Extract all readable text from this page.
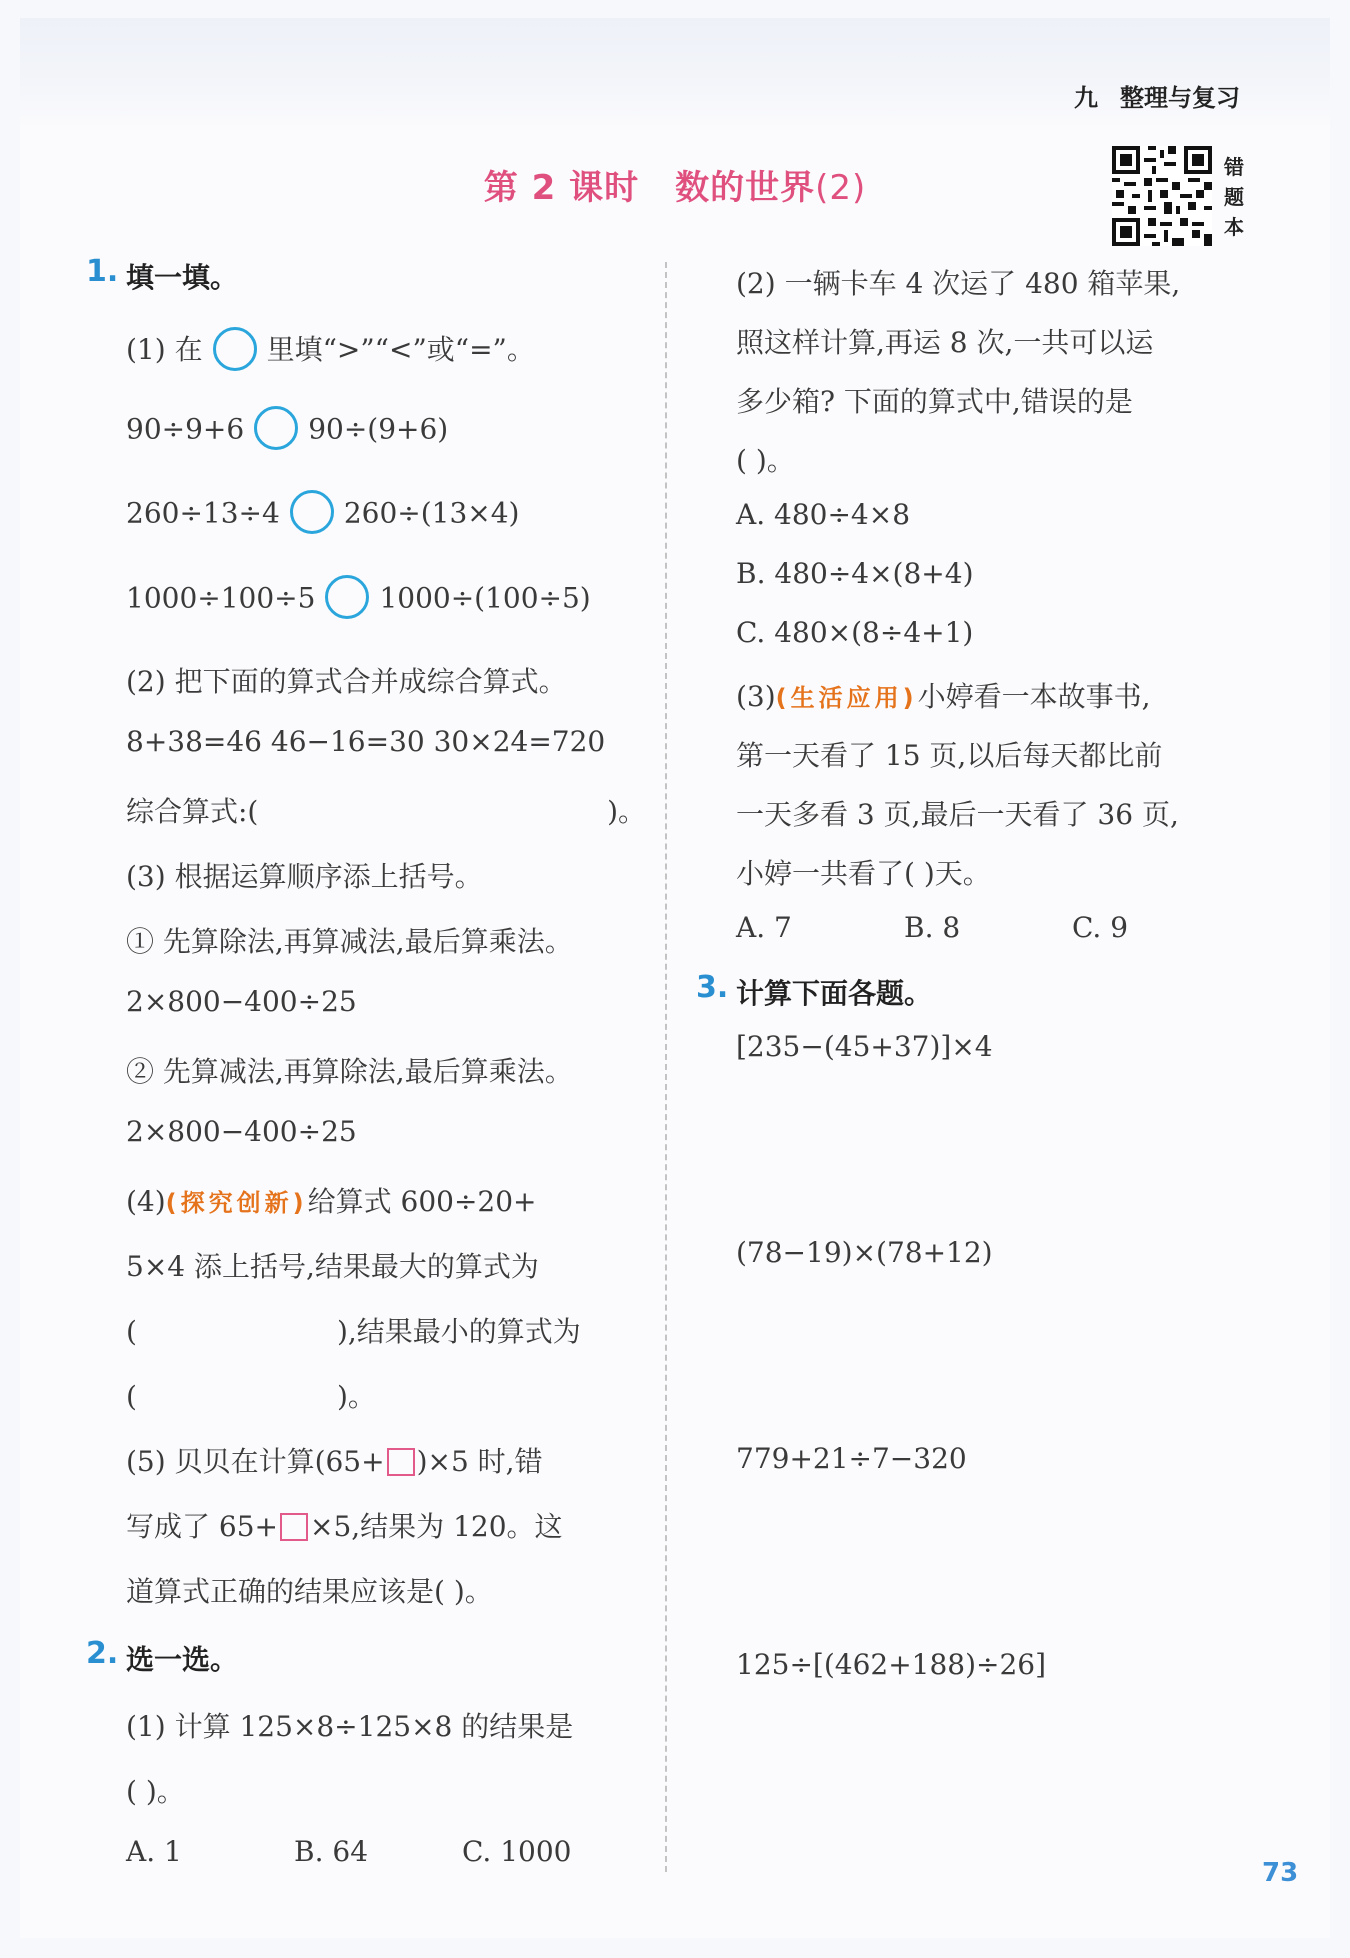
九 整理与复习
第 2 课时 数的世界(2)
错
题
本
1. 填一填。
(1) 在 里填“>”“<”或“=”。
90÷9+6 90÷(9+6)
260÷13÷4 260÷(13×4)
1000÷100÷5 1000÷(100÷5)
(2) 把下面的算式合并成综合算式。
8+38=46 46−16=30 30×24=720
综合算式:(	)。
(3) 根据运算顺序添上括号。
① 先算除法,再算减法,最后算乘法。
2×800−400÷25
② 先算减法,再算除法,最后算乘法。
2×800−400÷25
(4)(探究创新)给算式 600÷20+
5×4 添上括号,结果最大的算式为
(	),结果最小的算式为
(	)。
(5) 贝贝在计算(65+ )×5 时,错
写成了 65+ ×5,结果为 120。这
道算式正确的结果应该是( )。
2. 选一选。
(1) 计算 125×8÷125×8 的结果是
( )。
A. 1	B. 64	C. 1000
(2) 一辆卡车 4 次运了 480 箱苹果,
照这样计算,再运 8 次,一共可以运
多少箱? 下面的算式中,错误的是
( )。
A. 480÷4×8
B. 480÷4×(8+4)
C. 480×(8÷4+1)
(3)(生活应用)小婷看一本故事书,
第一天看了 15 页,以后每天都比前
一天多看 3 页,最后一天看了 36 页,
小婷一共看了( )天。
A. 7	B. 8	C. 9
3. 计算下面各题。
[235−(45+37)]×4
(78−19)×(78+12)
779+21÷7−320
125÷[(462+188)÷26]
73
